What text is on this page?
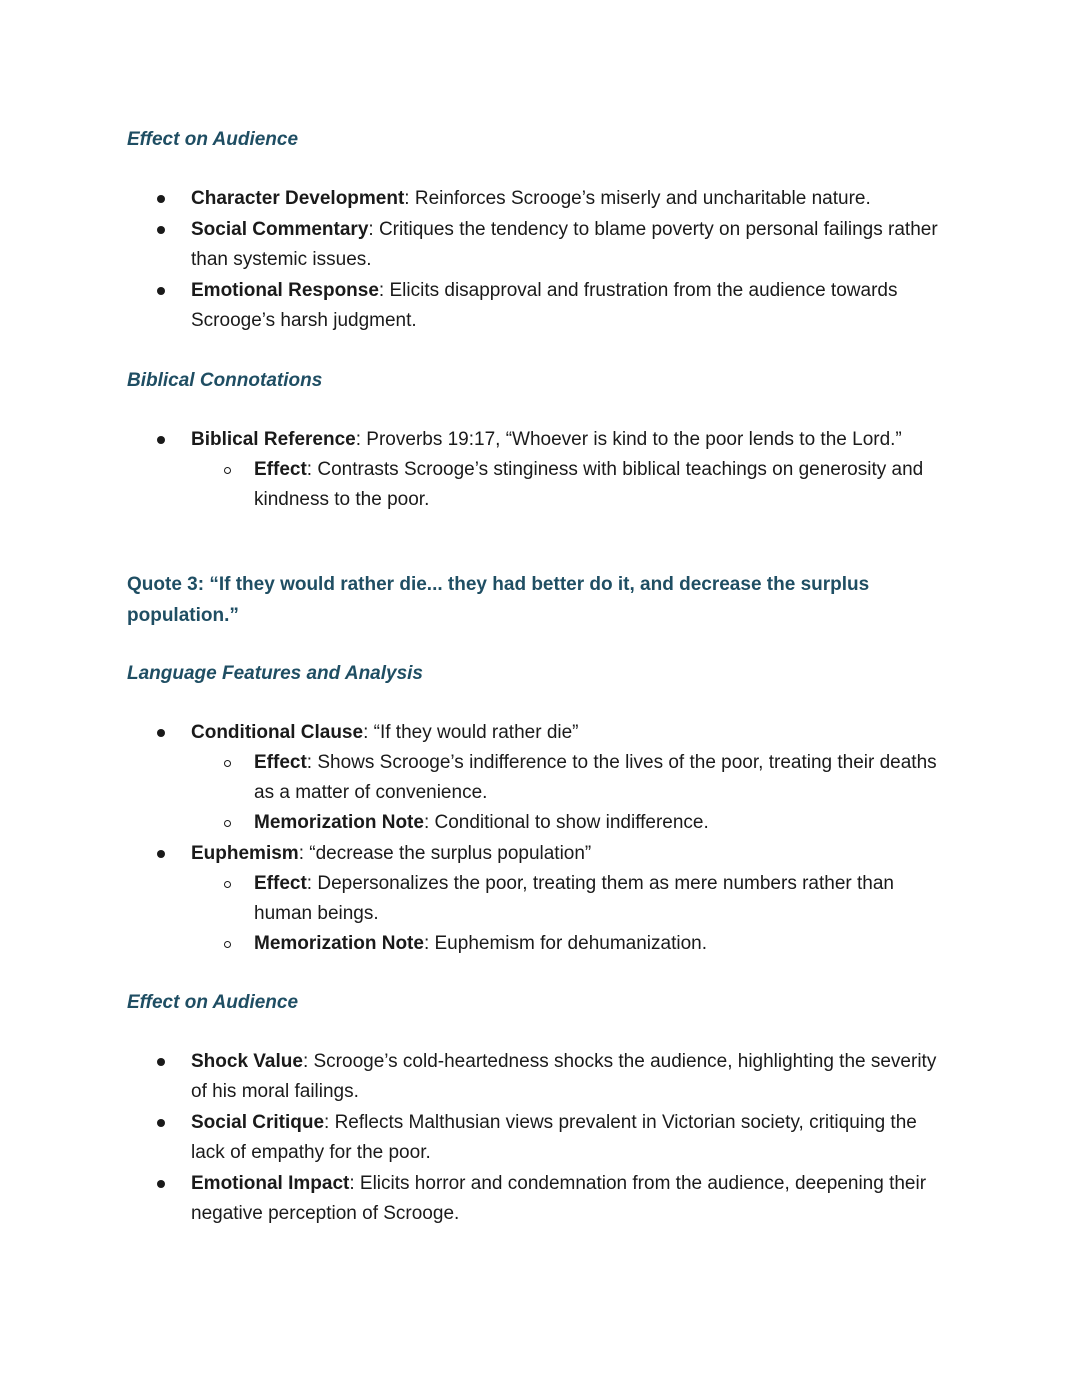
Effect on Audience
Character Development: Reinforces Scrooge’s miserly and uncharitable nature.
Social Commentary: Critiques the tendency to blame poverty on personal failings rather than systemic issues.
Emotional Response: Elicits disapproval and frustration from the audience towards Scrooge’s harsh judgment.
Biblical Connotations
Biblical Reference: Proverbs 19:17, “Whoever is kind to the poor lends to the Lord.”
Effect: Contrasts Scrooge’s stinginess with biblical teachings on generosity and kindness to the poor.
Quote 3: “If they would rather die... they had better do it, and decrease the surplus population.”
Language Features and Analysis
Conditional Clause: “If they would rather die”
Effect: Shows Scrooge’s indifference to the lives of the poor, treating their deaths as a matter of convenience.
Memorization Note: Conditional to show indifference.
Euphemism: “decrease the surplus population”
Effect: Depersonalizes the poor, treating them as mere numbers rather than human beings.
Memorization Note: Euphemism for dehumanization.
Effect on Audience
Shock Value: Scrooge’s cold-heartedness shocks the audience, highlighting the severity of his moral failings.
Social Critique: Reflects Malthusian views prevalent in Victorian society, critiquing the lack of empathy for the poor.
Emotional Impact: Elicits horror and condemnation from the audience, deepening their negative perception of Scrooge.
